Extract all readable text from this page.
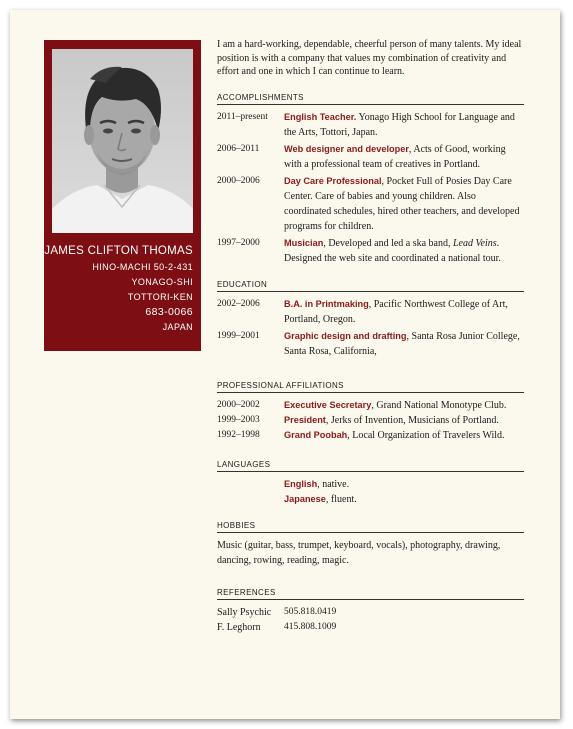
JAMES CLIFTON THOMAS
HINO-MACHI 50-2-431
YONAGO-SHI
TOTTORI-KEN
683-0066
JAPAN
I am a hard-working, dependable, cheerful person of many talents. My ideal position is with a company that values my combination of creativity and effort and one in which I can continue to learn.
ACCOMPLISHMENTS
2011–present	English Teacher. Yonago High School for Language and the Arts, Tottori, Japan.
2006–2011	Web designer and developer, Acts of Good, working with a professional team of creatives in Portland.
2000–2006	Day Care Professional, Pocket Full of Posies Day Care Center. Care of babies and young children. Also coordinated schedules, hired other teachers, and developed programs for children.
1997–2000	Musician, Developed and led a ska band, Lead Veins. Designed the web site and coordinated a national tour.
EDUCATION
2002–2006	B.A. in Printmaking, Pacific Northwest College of Art, Portland, Oregon.
1999–2001	Graphic design and drafting, Santa Rosa Junior College, Santa Rosa, California,
PROFESSIONAL AFFILIATIONS
2000–2002	Executive Secretary, Grand National Monotype Club.
1999–2003	President, Jerks of Invention, Musicians of Portland.
1992–1998	Grand Poobah, Local Organization of Travelers Wild.
LANGUAGES
English, native.
Japanese, fluent.
HOBBIES
Music (guitar, bass, trumpet, keyboard, vocals), photography, drawing, dancing, rowing, reading, magic.
REFERENCES
Sally Psychic	505.818.0419
F. Leghorn	415.808.1009
